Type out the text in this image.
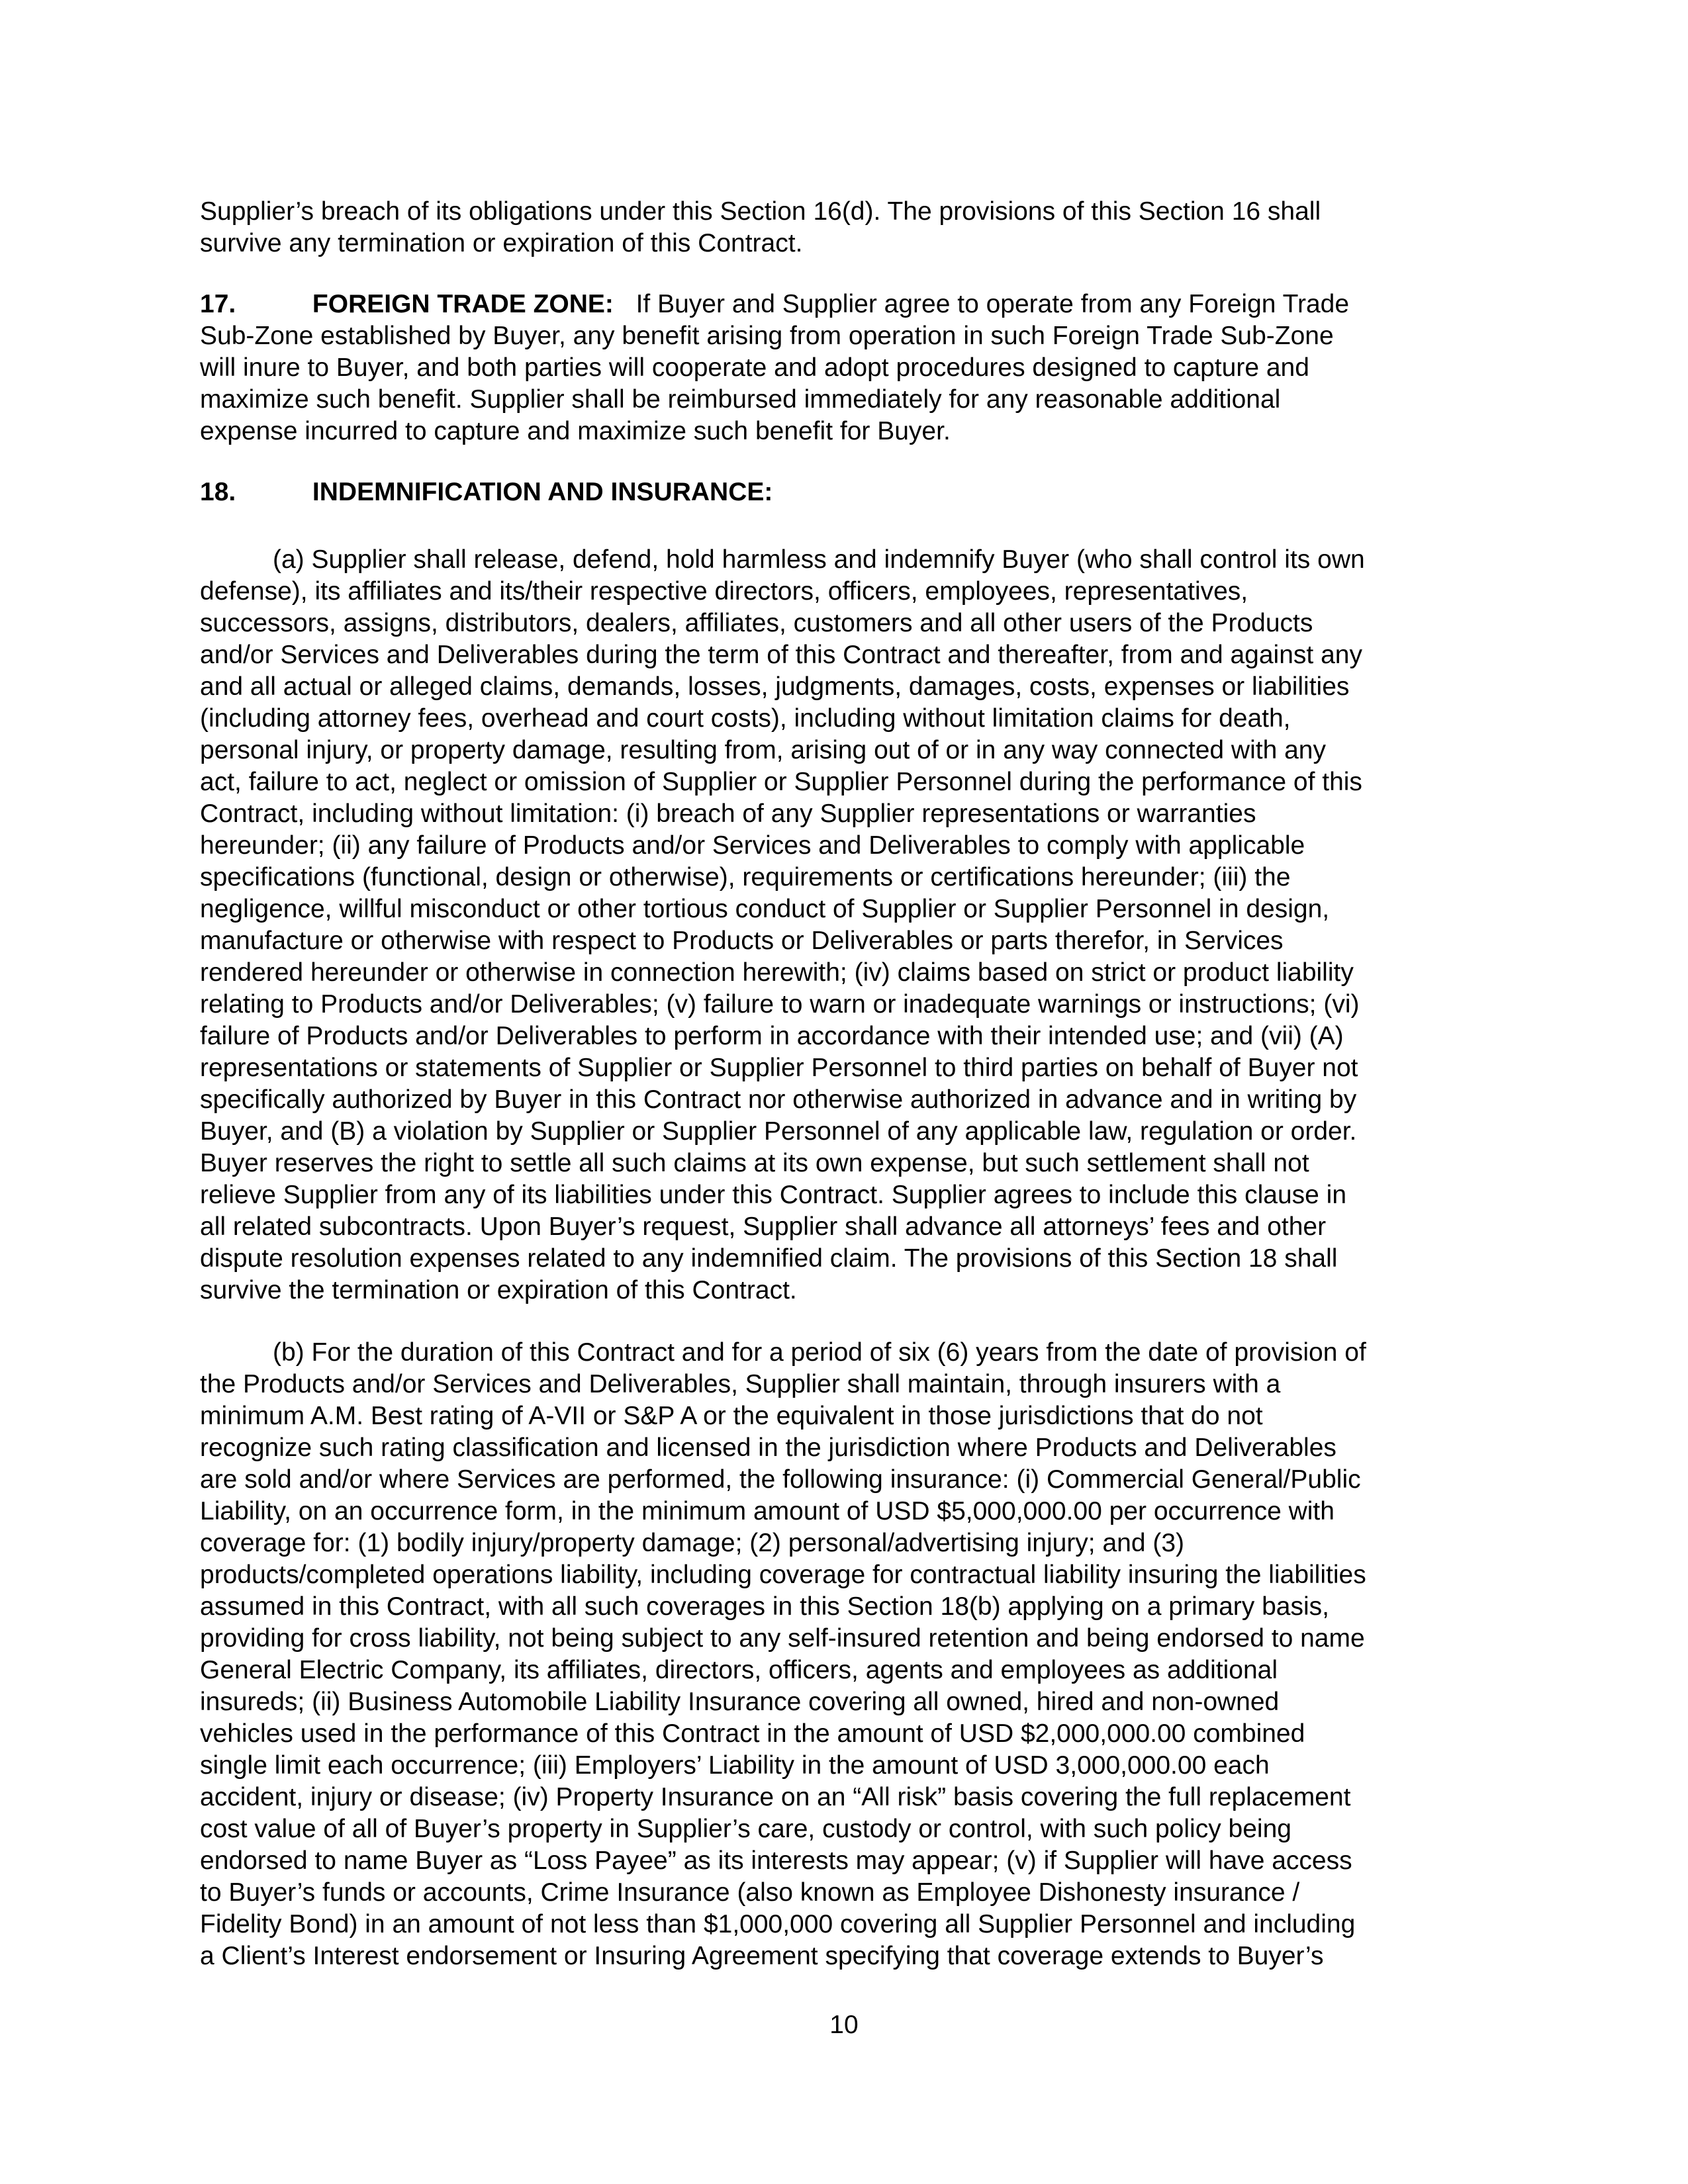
Supplier’s breach of its obligations under this Section 16(d). The provisions of this Section 16 shall
survive any termination or expiration of this Contract.
17.	FOREIGN TRADE ZONE: If Buyer and Supplier agree to operate from any Foreign Trade
Sub-Zone established by Buyer, any benefit arising from operation in such Foreign Trade Sub-Zone
will inure to Buyer, and both parties will cooperate and adopt procedures designed to capture and
maximize such benefit. Supplier shall be reimbursed immediately for any reasonable additional
expense incurred to capture and maximize such benefit for Buyer.
18.	INDEMNIFICATION AND INSURANCE:
(a) Supplier shall release, defend, hold harmless and indemnify Buyer (who shall control its own
defense), its affiliates and its/their respective directors, officers, employees, representatives,
successors, assigns, distributors, dealers, affiliates, customers and all other users of the Products
and/or Services and Deliverables during the term of this Contract and thereafter, from and against any
and all actual or alleged claims, demands, losses, judgments, damages, costs, expenses or liabilities
(including attorney fees, overhead and court costs), including without limitation claims for death,
personal injury, or property damage, resulting from, arising out of or in any way connected with any
act, failure to act, neglect or omission of Supplier or Supplier Personnel during the performance of this
Contract, including without limitation: (i) breach of any Supplier representations or warranties
hereunder; (ii) any failure of Products and/or Services and Deliverables to comply with applicable
specifications (functional, design or otherwise), requirements or certifications hereunder; (iii) the
negligence, willful misconduct or other tortious conduct of Supplier or Supplier Personnel in design,
manufacture or otherwise with respect to Products or Deliverables or parts therefor, in Services
rendered hereunder or otherwise in connection herewith; (iv) claims based on strict or product liability
relating to Products and/or Deliverables; (v) failure to warn or inadequate warnings or instructions; (vi)
failure of Products and/or Deliverables to perform in accordance with their intended use; and (vii) (A)
representations or statements of Supplier or Supplier Personnel to third parties on behalf of Buyer not
specifically authorized by Buyer in this Contract nor otherwise authorized in advance and in writing by
Buyer, and (B) a violation by Supplier or Supplier Personnel of any applicable law, regulation or order.
Buyer reserves the right to settle all such claims at its own expense, but such settlement shall not
relieve Supplier from any of its liabilities under this Contract. Supplier agrees to include this clause in
all related subcontracts. Upon Buyer’s request, Supplier shall advance all attorneys’ fees and other
dispute resolution expenses related to any indemnified claim. The provisions of this Section 18 shall
survive the termination or expiration of this Contract.
(b) For the duration of this Contract and for a period of six (6) years from the date of provision of
the Products and/or Services and Deliverables, Supplier shall maintain, through insurers with a
minimum A.M. Best rating of A-VII or S&P A or the equivalent in those jurisdictions that do not
recognize such rating classification and licensed in the jurisdiction where Products and Deliverables
are sold and/or where Services are performed, the following insurance: (i) Commercial General/Public
Liability, on an occurrence form, in the minimum amount of USD $5,000,000.00 per occurrence with
coverage for: (1) bodily injury/property damage; (2) personal/advertising injury; and (3)
products/completed operations liability, including coverage for contractual liability insuring the liabilities
assumed in this Contract, with all such coverages in this Section 18(b) applying on a primary basis,
providing for cross liability, not being subject to any self-insured retention and being endorsed to name
General Electric Company, its affiliates, directors, officers, agents and employees as additional
insureds; (ii) Business Automobile Liability Insurance covering all owned, hired and non-owned
vehicles used in the performance of this Contract in the amount of USD $2,000,000.00 combined
single limit each occurrence; (iii) Employers’ Liability in the amount of USD 3,000,000.00 each
accident, injury or disease; (iv) Property Insurance on an “All risk” basis covering the full replacement
cost value of all of Buyer’s property in Supplier’s care, custody or control, with such policy being
endorsed to name Buyer as “Loss Payee” as its interests may appear; (v) if Supplier will have access
to Buyer’s funds or accounts, Crime Insurance (also known as Employee Dishonesty insurance /
Fidelity Bond) in an amount of not less than $1,000,000 covering all Supplier Personnel and including
a Client’s Interest endorsement or Insuring Agreement specifying that coverage extends to Buyer’s
10
